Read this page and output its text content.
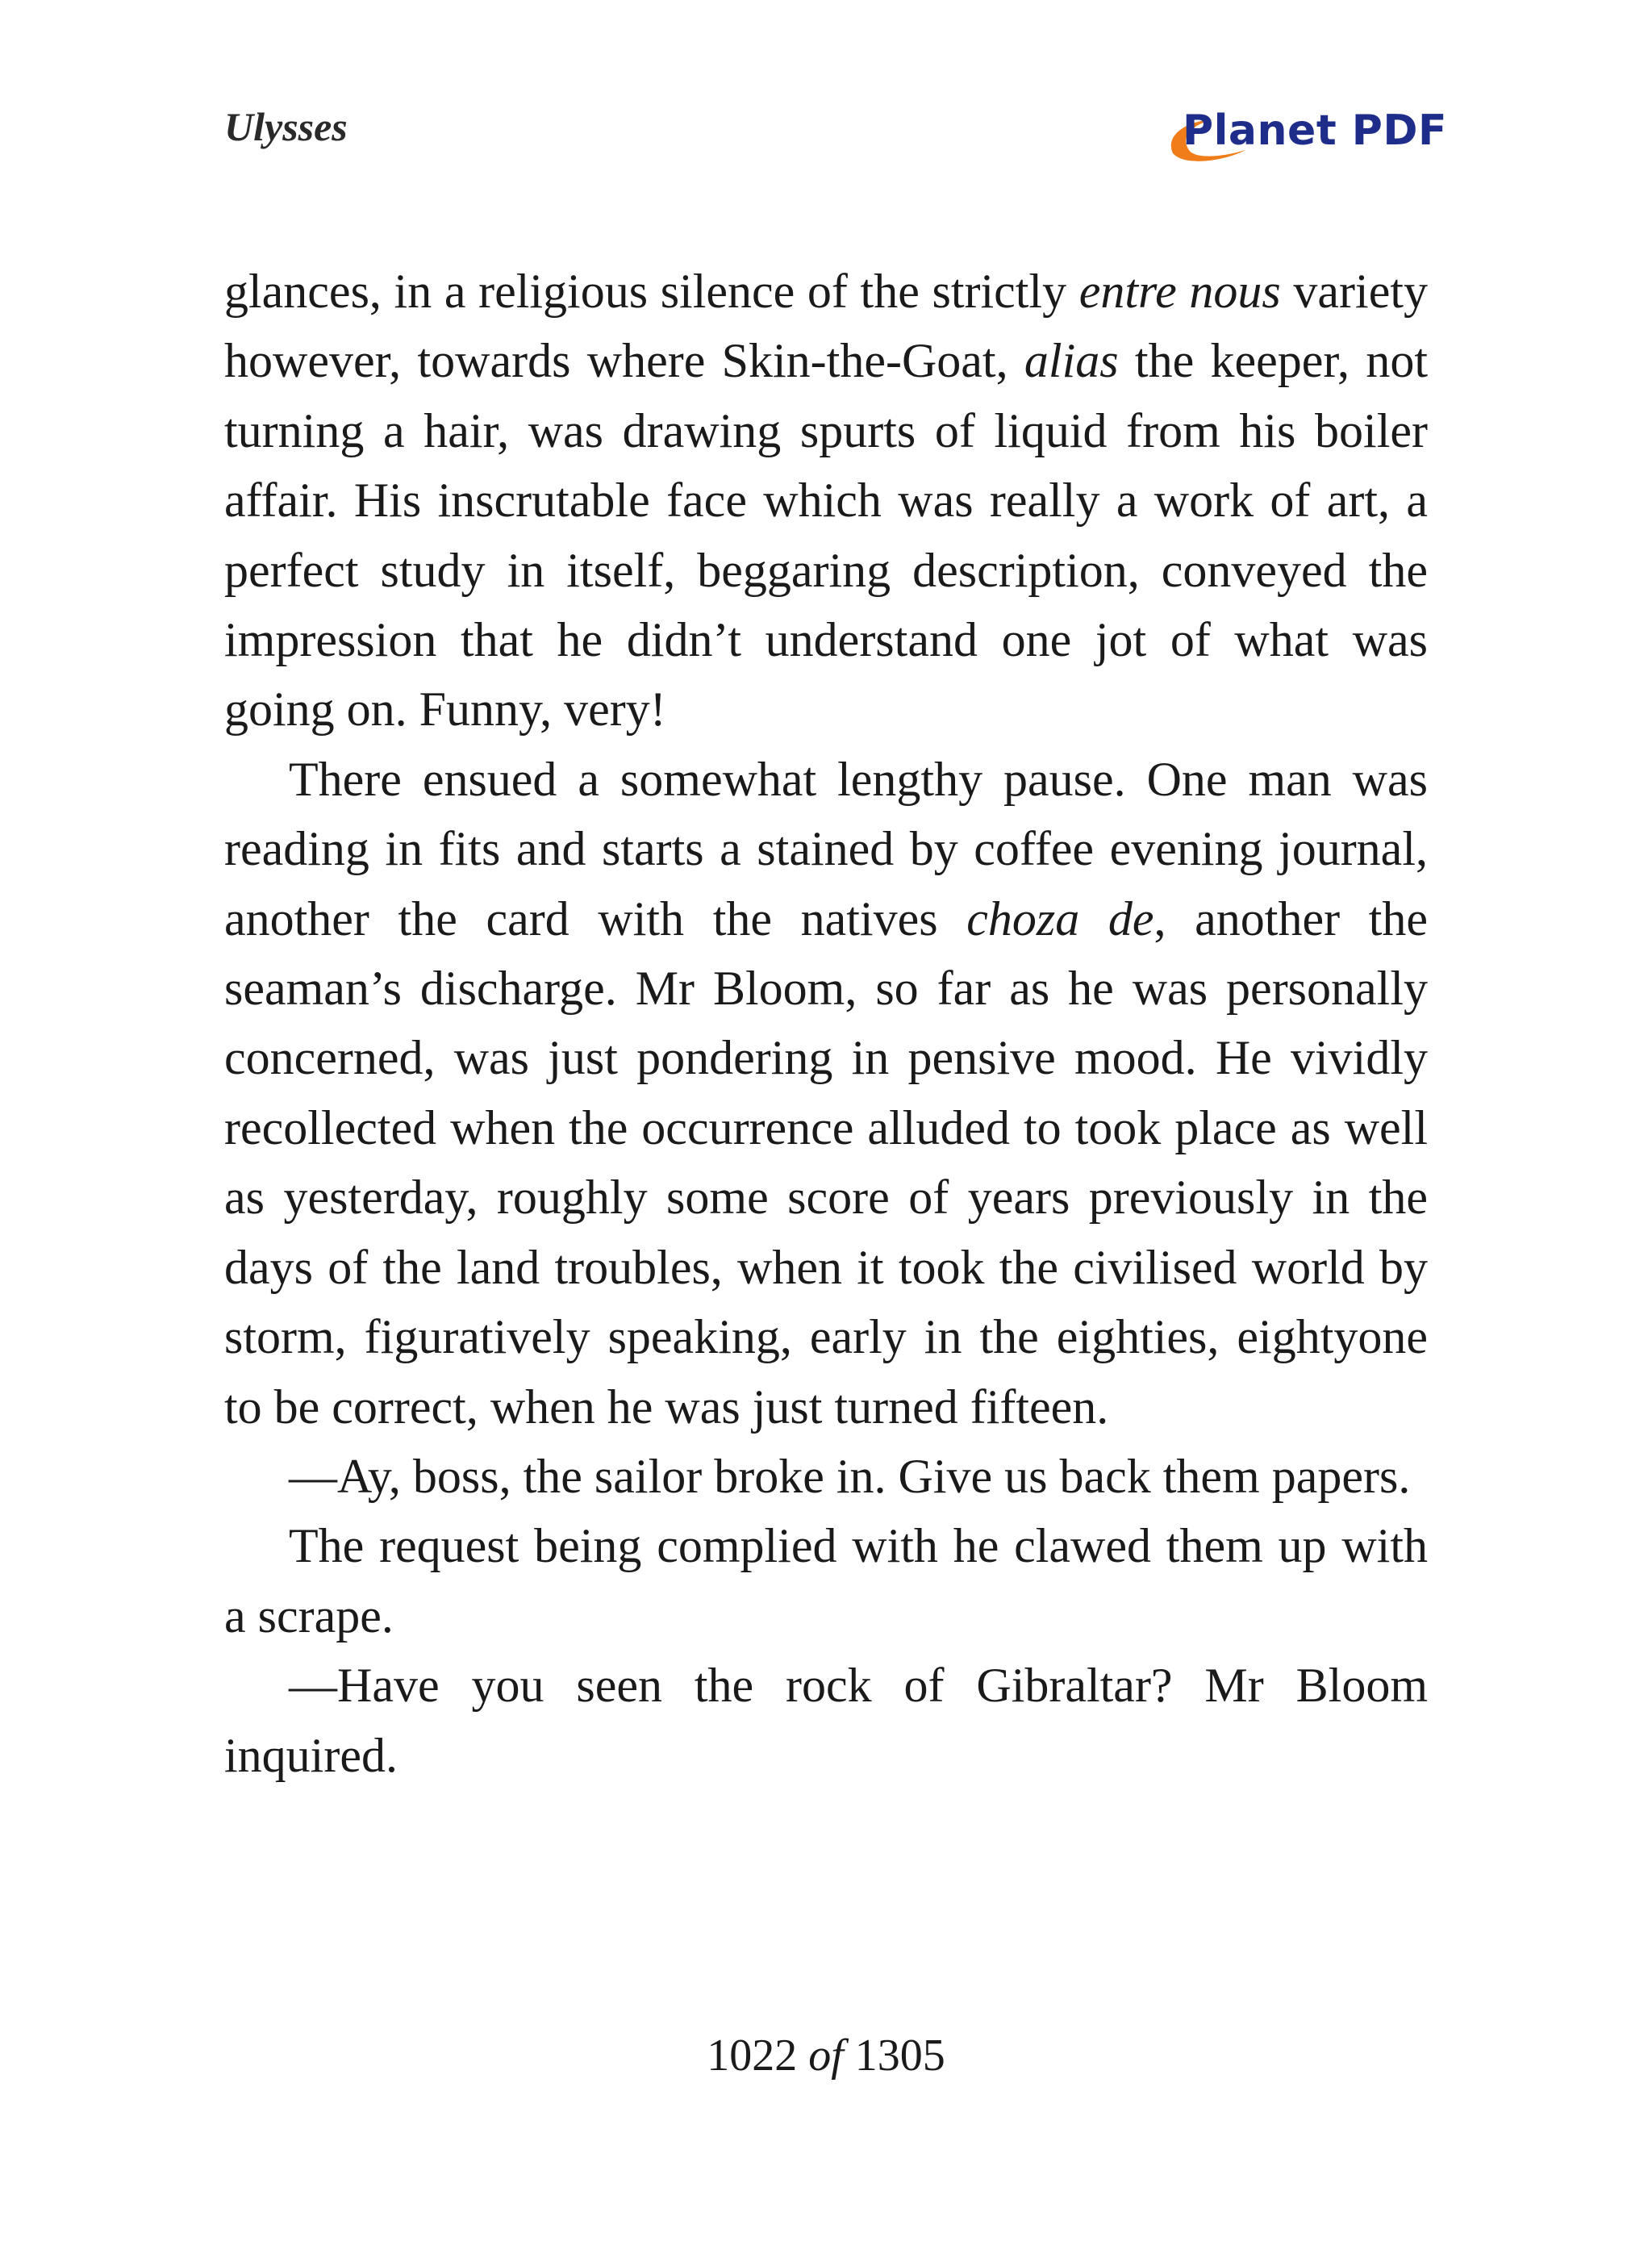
Ulysses	Planet PDF

glances, in a religious silence of the strictly entre nous variety however, towards where Skin-the-Goat, alias the keeper, not turning a hair, was drawing spurts of liquid from his boiler affair. His inscrutable face which was really a work of art, a perfect study in itself, beggaring description, conveyed the impression that he didn’t understand one jot of what was going on. Funny, very!

There ensued a somewhat lengthy pause. One man was reading in fits and starts a stained by coffee evening journal, another the card with the natives choza de, another the seaman’s discharge. Mr Bloom, so far as he was personally concerned, was just pondering in pensive mood. He vividly recollected when the occurrence alluded to took place as well as yesterday, roughly some score of years previously in the days of the land troubles, when it took the civilised world by storm, figuratively speaking, early in the eighties, eightyone to be correct, when he was just turned fifteen.

—Ay, boss, the sailor broke in. Give us back them papers.

The request being complied with he clawed them up with a scrape.

—Have you seen the rock of Gibraltar? Mr Bloom inquired.

1022 of 1305
